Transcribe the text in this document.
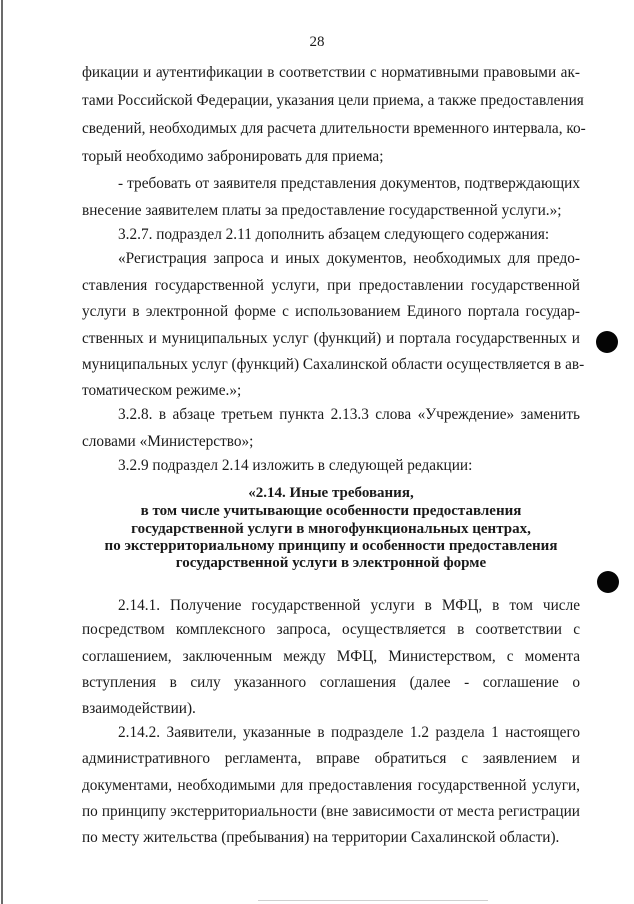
28
фикации и аутентификации в соответствии с нормативными правовыми ак-
тами Российской Федерации, указания цели приема, а также предоставления
сведений, необходимых для расчета длительности временного интервала, ко-
торый необходимо забронировать для приема;
- требовать от заявителя представления документов, подтверждающих
внесение заявителем платы за предоставление государственной услуги.»;
3.2.7. подраздел 2.11 дополнить абзацем следующего содержания:
«Регистрация запроса и иных документов, необходимых для предо-
ставления государственной услуги, при предоставлении государственной
услуги в электронной форме с использованием Единого портала государ-
ственных и муниципальных услуг (функций) и портала государственных и
муниципальных услуг (функций) Сахалинской области осуществляется в ав-
томатическом режиме.»;
3.2.8. в абзаце третьем пункта 2.13.3 слова «Учреждение» заменить
словами «Министерство»;
3.2.9 подраздел 2.14 изложить в следующей редакции:
«2.14. Иные требования,
в том числе учитывающие особенности предоставления
государственной услуги в многофункциональных центрах,
по экстерриториальному принципу и особенности предоставления
государственной услуги в электронной форме
2.14.1. Получение государственной услуги в МФЦ, в том числе
посредством комплексного запроса, осуществляется в соответствии с
соглашением, заключенным между МФЦ, Министерством, с момента
вступления в силу указанного соглашения (далее - соглашение о
взаимодействии).
2.14.2. Заявители, указанные в подразделе 1.2 раздела 1 настоящего
административного регламента, вправе обратиться с заявлением и
документами, необходимыми для предоставления государственной услуги,
по принципу экстерриториальности (вне зависимости от места регистрации
по месту жительства (пребывания) на территории Сахалинской области).
